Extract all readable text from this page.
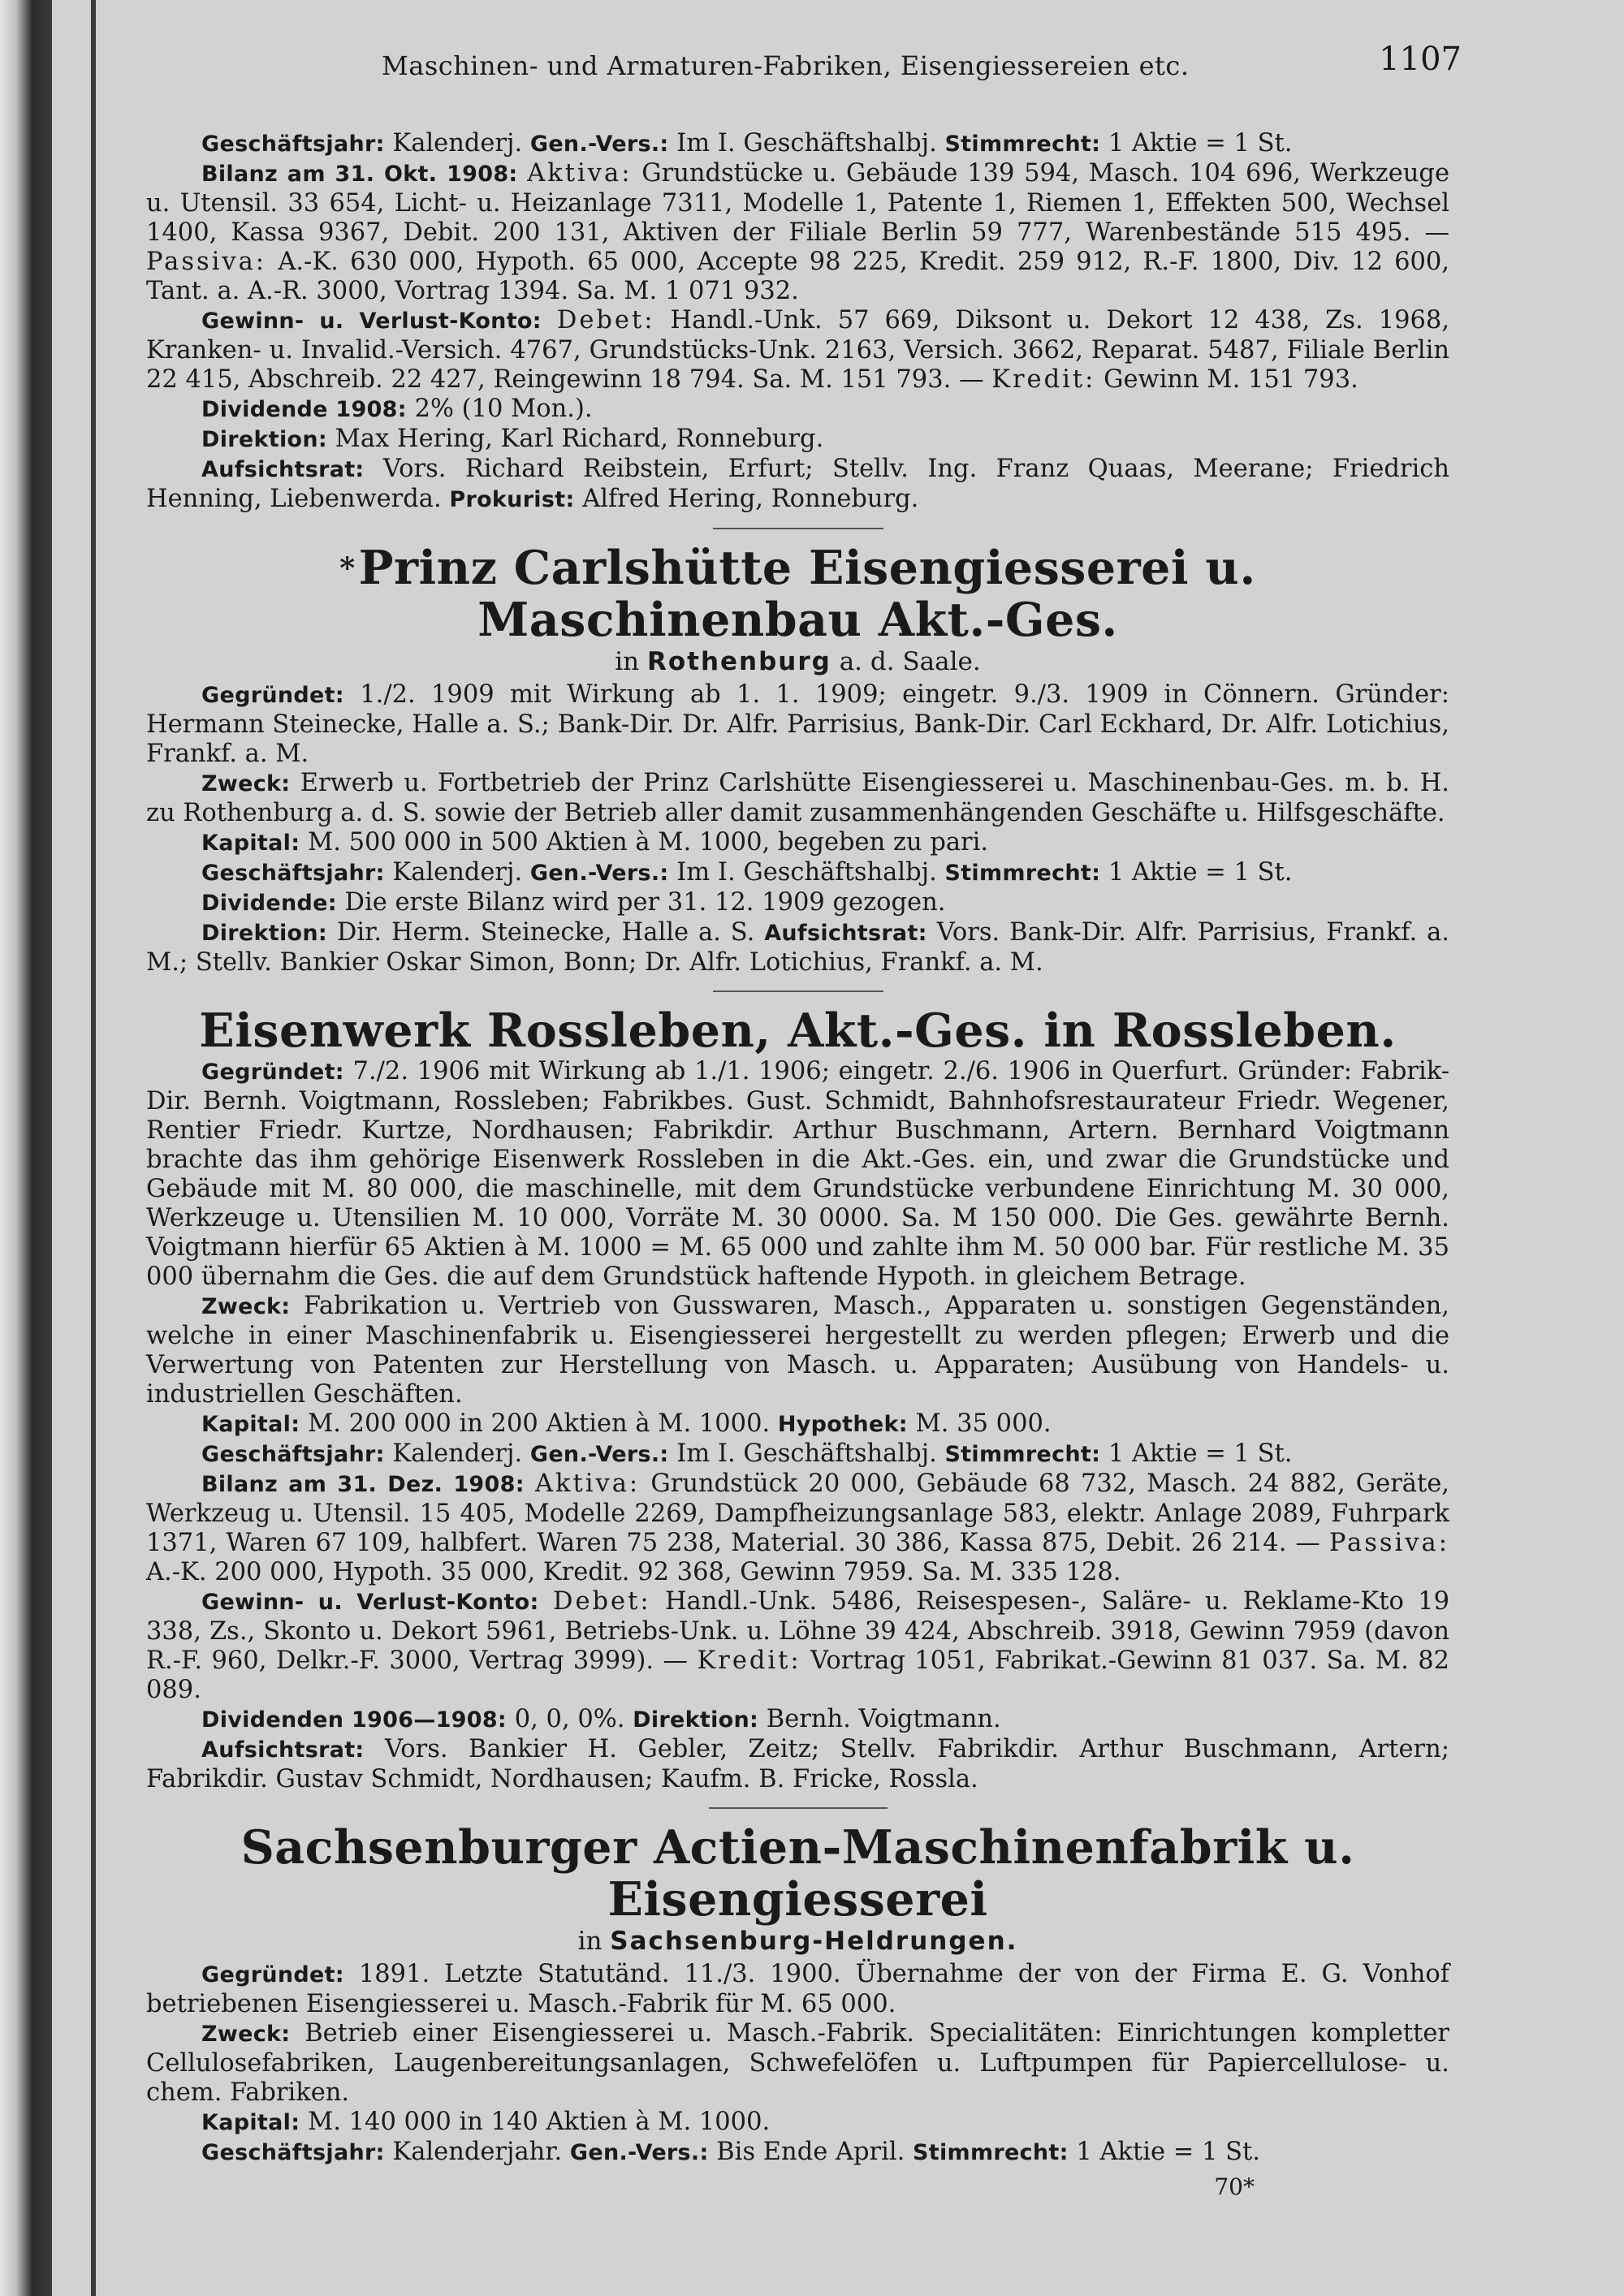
Maschinen- und Armaturen-Fabriken, Eisengiessereien etc.	1107

Geschäftsjahr: Kalenderj. Gen.-Vers.: Im I. Geschäftshalbj. Stimmrecht: 1 Aktie = 1 St.

Bilanz am 31. Okt. 1908: Aktiva: Grundstücke u. Gebäude 139 594, Masch. 104 696, Werkzeuge u. Utensil. 33 654, Licht- u. Heizanlage 7311, Modelle 1, Patente 1, Riemen 1, Effekten 500, Wechsel 1400, Kassa 9367, Debit. 200 131, Aktiven der Filiale Berlin 59 777, Warenbestände 515 495. — Passiva: A.-K. 630 000, Hypoth. 65 000, Accepte 98 225, Kredit. 259 912, R.-F. 1800, Div. 12 600, Tant. a. A.-R. 3000, Vortrag 1394. Sa. M. 1 071 932.

Gewinn- u. Verlust-Konto: Debet: Handl.-Unk. 57 669, Diksont u. Dekort 12 438, Zs. 1968, Kranken- u. Invalid.-Versich. 4767, Grundstücks-Unk. 2163, Versich. 3662, Reparat. 5487, Filiale Berlin 22 415, Abschreib. 22 427, Reingewinn 18 794. Sa. M. 151 793. — Kredit: Gewinn M. 151 793.

Dividende 1908: 2% (10 Mon.).

Direktion: Max Hering, Karl Richard, Ronneburg.

Aufsichtsrat: Vors. Richard Reibstein, Erfurt; Stellv. Ing. Franz Quaas, Meerane; Friedrich Henning, Liebenwerda. Prokurist: Alfred Hering, Ronneburg.

*Prinz Carlshütte Eisengiesserei u. Maschinenbau Akt.-Ges.
in Rothenburg a. d. Saale.

Gegründet: 1./2. 1909 mit Wirkung ab 1. 1. 1909; eingetr. 9./3. 1909 in Cönnern. Gründer: Hermann Steinecke, Halle a. S.; Bank-Dir. Dr. Alfr. Parrisius, Bank-Dir. Carl Eckhard, Dr. Alfr. Lotichius, Frankf. a. M.

Zweck: Erwerb u. Fortbetrieb der Prinz Carlshütte Eisengiesserei u. Maschinenbau-Ges. m. b. H. zu Rothenburg a. d. S. sowie der Betrieb aller damit zusammenhängenden Geschäfte u. Hilfsgeschäfte.

Kapital: M. 500 000 in 500 Aktien à M. 1000, begeben zu pari.

Geschäftsjahr: Kalenderj. Gen.-Vers.: Im I. Geschäftshalbj. Stimmrecht: 1 Aktie = 1 St.

Dividende: Die erste Bilanz wird per 31. 12. 1909 gezogen.

Direktion: Dir. Herm. Steinecke, Halle a. S. Aufsichtsrat: Vors. Bank-Dir. Alfr. Parrisius, Frankf. a. M.; Stellv. Bankier Oskar Simon, Bonn; Dr. Alfr. Lotichius, Frankf. a. M.

Eisenwerk Rossleben, Akt.-Ges. in Rossleben.

Gegründet: 7./2. 1906 mit Wirkung ab 1./1. 1906; eingetr. 2./6. 1906 in Querfurt. Gründer: Fabrik-Dir. Bernh. Voigtmann, Rossleben; Fabrikbes. Gust. Schmidt, Bahnhofsrestaurateur Friedr. Wegener, Rentier Friedr. Kurtze, Nordhausen; Fabrikdir. Arthur Buschmann, Artern. Bernhard Voigtmann brachte das ihm gehörige Eisenwerk Rossleben in die Akt.-Ges. ein, und zwar die Grundstücke und Gebäude mit M. 80 000, die maschinelle, mit dem Grundstücke verbundene Einrichtung M. 30 000, Werkzeuge u. Utensilien M. 10 000, Vorräte M. 30 0000. Sa. M 150 000. Die Ges. gewährte Bernh. Voigtmann hierfür 65 Aktien à M. 1000 = M. 65 000 und zahlte ihm M. 50 000 bar. Für restliche M. 35 000 übernahm die Ges. die auf dem Grundstück haftende Hypoth. in gleichem Betrage.

Zweck: Fabrikation u. Vertrieb von Gusswaren, Masch., Apparaten u. sonstigen Gegenständen, welche in einer Maschinenfabrik u. Eisengiesserei hergestellt zu werden pflegen; Erwerb und die Verwertung von Patenten zur Herstellung von Masch. u. Apparaten; Ausübung von Handels- u. industriellen Geschäften.

Kapital: M. 200 000 in 200 Aktien à M. 1000. Hypothek: M. 35 000.

Geschäftsjahr: Kalenderj. Gen.-Vers.: Im I. Geschäftshalbj. Stimmrecht: 1 Aktie = 1 St.

Bilanz am 31. Dez. 1908: Aktiva: Grundstück 20 000, Gebäude 68 732, Masch. 24 882, Geräte, Werkzeug u. Utensil. 15 405, Modelle 2269, Dampfheizungsanlage 583, elektr. Anlage 2089, Fuhrpark 1371, Waren 67 109, halbfert. Waren 75 238, Material. 30 386, Kassa 875, Debit. 26 214. — Passiva: A.-K. 200 000, Hypoth. 35 000, Kredit. 92 368, Gewinn 7959. Sa. M. 335 128.

Gewinn- u. Verlust-Konto: Debet: Handl.-Unk. 5486, Reisespesen-, Saläre- u. Reklame-Kto 19 338, Zs., Skonto u. Dekort 5961, Betriebs-Unk. u. Löhne 39 424, Abschreib. 3918, Gewinn 7959 (davon R.-F. 960, Delkr.-F. 3000, Vertrag 3999). — Kredit: Vortrag 1051, Fabrikat.-Gewinn 81 037. Sa. M. 82 089.

Dividenden 1906—1908: 0, 0, 0%. Direktion: Bernh. Voigtmann.

Aufsichtsrat: Vors. Bankier H. Gebler, Zeitz; Stellv. Fabrikdir. Arthur Buschmann, Artern; Fabrikdir. Gustav Schmidt, Nordhausen; Kaufm. B. Fricke, Rossla.

Sachsenburger Actien-Maschinenfabrik u. Eisengiesserei
in Sachsenburg-Heldrungen.

Gegründet: 1891. Letzte Statutänd. 11./3. 1900. Übernahme der von der Firma E. G. Vonhof betriebenen Eisengiesserei u. Masch.-Fabrik für M. 65 000.

Zweck: Betrieb einer Eisengiesserei u. Masch.-Fabrik. Specialitäten: Einrichtungen kompletter Cellulosefabriken, Laugenbereitungsanlagen, Schwefelöfen u. Luftpumpen für Papiercellulose- u. chem. Fabriken.

Kapital: M. 140 000 in 140 Aktien à M. 1000.

Geschäftsjahr: Kalenderjahr. Gen.-Vers.: Bis Ende April. Stimmrecht: 1 Aktie = 1 St.

70*
